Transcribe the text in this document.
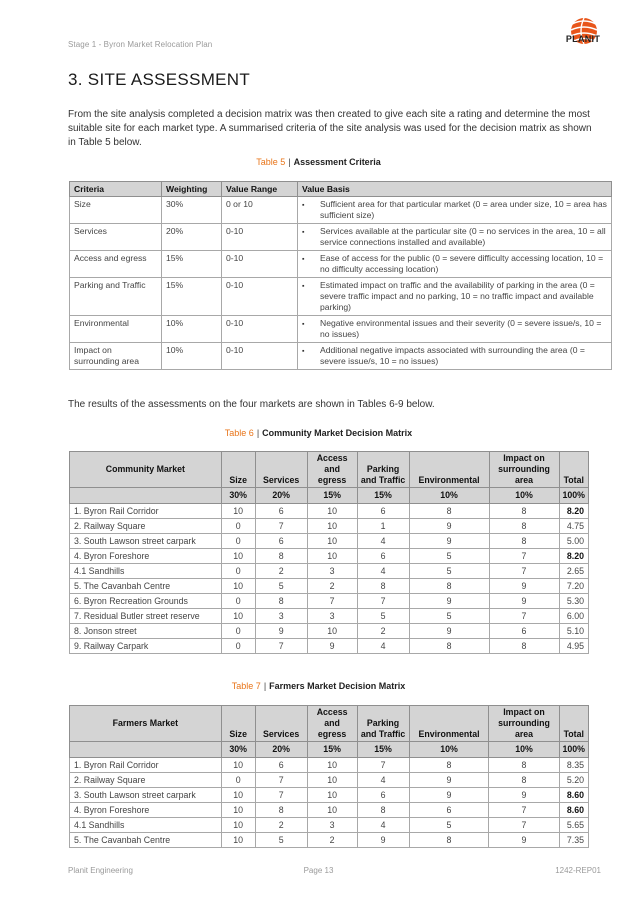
Stage 1 - Byron Market Relocation Plan
PLANIT
3. SITE ASSESSMENT

From the site analysis completed a decision matrix was then created to give each site a rating and determine the most suitable site for each market type. A summarised criteria of the site analysis was used for the decision matrix as shown in Table 5 below.

Table 5 | Assessment Criteria
Criteria	Weighting	Value Range	Value Basis
Size	30%	0 or 10	▪ Sufficient area for that particular market (0 = area under size, 10 = area has sufficient size)

Services	20%	0-10	▪ Services available at the particular site (0 = no services in the area, 10 = all service connections installed and available)

Access and egress	15%	0-10	▪ Ease of access for the public (0 = severe difficulty accessing location, 10 = no difficulty accessing location)

Parking and Traffic	15%	0-10	▪ Estimated impact on traffic and the availability of parking in the area (0 = severe traffic impact and no parking, 10 = no traffic impact and available parking)

Environmental	10%	0-10	▪ Negative environmental issues and their severity (0 = severe issue/s, 10 = no issues)

Impact on surrounding area	10%	0-10	▪ Additional negative impacts associated with surrounding the area (0 = severe issue/s, 10 = no issues)

The results of the assessments on the four markets are shown in Tables 6-9 below.

Table 6 | Community Market Decision Matrix
Community Market	Size	Services	Access and egress	Parking and Traffic	Environmental	Impact on surrounding area	Total
	30%	20%	15%	15%	10%	10%	100%
1. Byron Rail Corridor	10	6	10	6	8	8	8.20
2. Railway Square	0	7	10	1	9	8	4.75
3. South Lawson street carpark	0	6	10	4	9	8	5.00
4. Byron Foreshore	10	8	10	6	5	7	8.20
4.1 Sandhills	0	2	3	4	5	7	2.65
5. The Cavanbah Centre	10	5	2	8	8	9	7.20
6. Byron Recreation Grounds	0	8	7	7	9	9	5.30
7. Residual Butler street reserve	10	3	3	5	5	7	6.00
8. Jonson street	0	9	10	2	9	6	5.10
9. Railway Carpark	0	7	9	4	8	8	4.95
Table 7 | Farmers Market Decision Matrix
Farmers Market	Size	Services	Access and egress	Parking and Traffic	Environmental	Impact on surrounding area	Total
	30%	20%	15%	15%	10%	10%	100%
1. Byron Rail Corridor	10	6	10	7	8	8	8.35
2. Railway Square	0	7	10	4	9	8	5.20
3. South Lawson street carpark	10	7	10	6	9	9	8.60
4. Byron Foreshore	10	8	10	8	6	7	8.60
4.1 Sandhills	10	2	3	4	5	7	5.65
5. The Cavanbah Centre	10	5	2	9	8	9	7.35
Planit Engineering	Page 13	1242-REP01
